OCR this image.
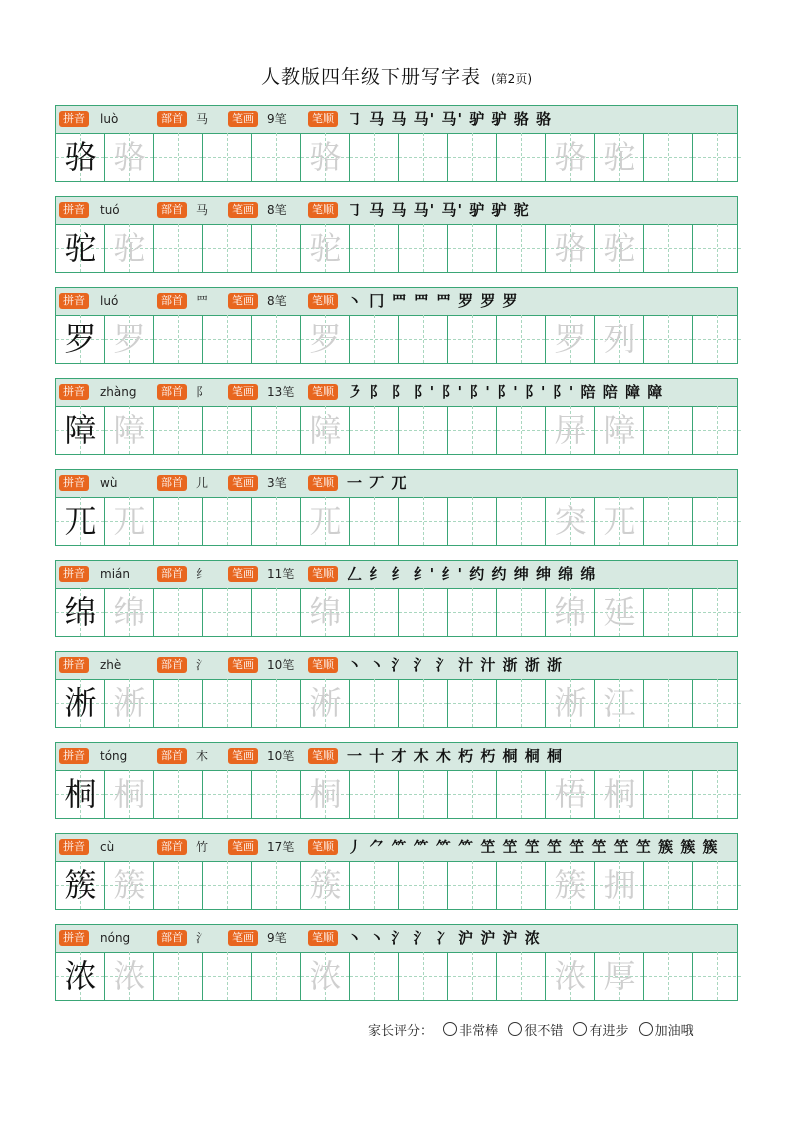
人教版四年级下册写字表 (第2页)
拼音	luò	部首	马	笔画	9笔	笔顺 ㇆ 马 马 马' 马' 驴 驴 骆 骆
骆 骆	骆	骆 驼
拼音	tuó	部首	马	笔画	8笔	笔顺 ㇆ 马 马 马' 马' 驴 驴 驼
驼 驼	驼	骆 驼
拼音	luó	部首	罒	笔画	8笔	笔顺 丶 冂 罒 罒 罒 罗 罗 罗
罗 罗	罗	罗 列
拼音	zhàng	部首	阝	笔画	13笔	笔顺 ㇋ 阝 阝 阝' 阝' 阝' 阝' 阝' 阝' 陪 陪 障 障
障 障	障	屏 障
拼音	wù	部首	儿	笔画	3笔	笔顺 一 丆 兀
兀 兀	兀	突 兀
拼音	mián	部首	纟	笔画	11笔	笔顺 𠃋 纟 纟 纟' 纟' 约 约 绅 绅 绵 绵
绵 绵	绵	绵 延
拼音	zhè	部首	氵	笔画	10笔	笔顺 丶 丶 氵 氵 氵 汁 汁 浙 浙 浙
淅 淅	淅	淅 江
拼音	tóng	部首	木	笔画	10笔	笔顺 一 十 才 木 木 朽 朽 桐 桐 桐
桐 桐	桐	梧 桐
拼音	cù	部首	竹	笔画	17笔	笔顺 丿 ⺈ ⺮ ⺮ ⺮ ⺮ 笁 笁 笁 笁 笁 笁 笁 笁 簇 簇 簇
簇 簇	簇	簇 拥
拼音	nóng	部首	氵	笔画	9笔	笔顺 丶 丶 氵 氵 冫 沪 沪 沪 浓
浓 浓	浓	浓 厚
家长评分： 非常棒 很不错 有进步 加油哦
